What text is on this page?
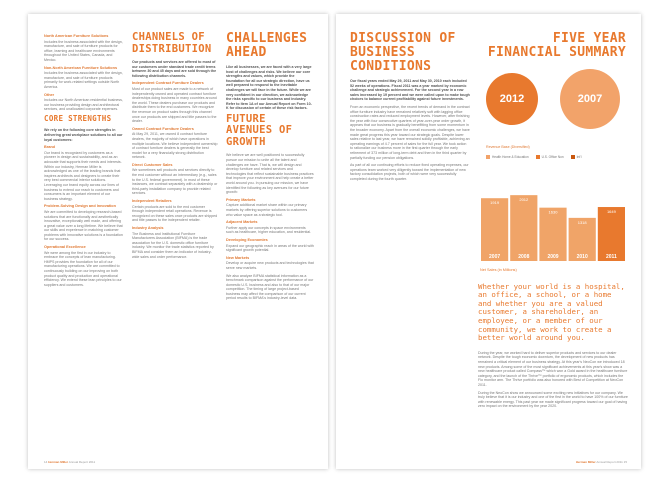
North American Furniture Solutions

Includes the business associated with the design, manufacture, and sale of furniture products for office, learning and healthcare environments throughout the United States, Canada, and Mexico.

Non-North American Furniture Solutions

Includes the business associated with the design, manufacture, and sale of furniture products primarily for work-related settings outside North America.

Other

Includes our North American residential business, our business providing design and architectural services, and unallocated corporate expenses.

CORE STRENGTHS

We rely on the following core strengths in delivering great workplace solutions to all our loyal customers:

Brand

Our brand is recognized by customers as a pioneer in design and sustainability, and as an advocate that supports their needs and interests. Within our industry, Herman Miller is acknowledged as one of the leading brands that inspires architects and designers to create their very best commercial interior solutions. Leveraging our brand equity across our lines of business to extend our reach to customers and consumers is an important element of our business strategy.

Problem-Solving Design and Innovation

We are committed to developing research-based solutions that are functionally and aesthetically innovative, exceptionally well made, and offering a great value over a long lifetime. We believe that our skills and experience in matching customer problems with innovative solutions is a foundation for our success.

Operational Excellence

We were among the first in our industry to embrace the concepts of lean manufacturing. HMPS provides the foundation for all of our manufacturing operations. We are committed to continuously building on our improving on both product quality and production and operational efficiency. We extend these lean principles to our suppliers and customers.

CHANNELS OF DISTRIBUTION

Our products and services are offered to most of our customers under standard trade credit terms between 30 and 45 days and are sold through the following distribution channels.

Independent Contract Furniture Dealers

Most of our product sales are made to a network of independently owned and operated contract furniture dealerships doing business in many countries around the world. These dealers purchase our products and distribute them to the end customers. We recognize the revenue on product sales through this channel once our products are shipped and title passes to the dealer.

Owned Contract Furniture Dealers

At May 29, 2011, we owned 8 contract furniture dealers, the majority of which have operations in multiple locations. We believe independent ownership of contract furniture dealers is generally the best model for a very financially strong distribution network.

Direct Customer Sales

We sometimes sell products and services directly to the end customer without an intermediary (e.g., sales to the U.S. federal government). In most of these instances, we contract separately with a dealership or third-party installation company to provide related services.

Independent Retailers

Certain products are sold to the end customer through independent retail operations. Revenue is recognized on these sales once products are shipped and title passes to the independent retailer.

Industry Analysis

The Business and Institutional Furniture Manufacturers Association (BIFMA) is the trade association for the U.S. domestic office furniture industry. We monitor the trade statistics reported by BIFMA and consider them an indicator of industry-wide sales and order performance.

CHALLENGES AHEAD

Like all businesses, we are faced with a very large host of challenges and risks. We believe our core strengths and values, which provide the foundation for all our strategic direction, have us well prepared to respond to the inevitable challenges we will face in the future. While we are very confident in our direction, we acknowledge the risks specific to our business and industry. Refer to Item 1A of our Annual Report on Form 10-K for discussion of certain of these risk factors.

FUTURE AVENUES OF GROWTH

We believe we are well positioned to successfully pursue our mission to unite all the talent and challenges we have. That is, we will design and develop furniture and related services and technologies that reflect sustainable business practices that improve your environment and help create a better world around you. In pursuing our mission, we have identified the following as key avenues for our future growth:

Primary Markets

Capture additional market share within our primary markets by offering superior solutions to customers who value space as a strategic tool.

Adjacent Markets

Further apply our concepts in space environments such as healthcare, higher education, and residential.

Developing Economies

Expand our geographic reach in areas of the world with significant growth potential.

New Markets

Develop or acquire new products and technologies that serve new markets.

We also analyze BIFMA statistical information as a benchmark comparison against the performance of our domestic U.S. business and also to that of our major competition. The timing of large project-based business may affect the comparison of our current period results to BIFMA's industry-level data.

14 Herman Miller Annual Report 2011
DISCUSSION OF BUSINESS CONDITIONS

Our fiscal years ended May 29, 2011 and May 30, 2010 each included 52 weeks of operations. Fiscal 2011 was a year marked by economic challenge and strategic achievement. For the second year in a row sales increased by 19 percent and we were called upon to make tough choices to balance current profitability against future investments.

From an economic perspective, the recent trends of demand in the contract office furniture industry have remained relatively soft with lagging office construction rates and reduced employment levels. However, after finishing the year with four consecutive quarters of year-over-year order growth, it appears that our business is gradually benefitting from some momentum in the broader economy. Apart from the overall economic challenges, we have made great progress this year toward our strategic goals. Despite lower sales relative to last year, we have remained solidly profitable, achieving an operating earnings of 4.7 percent of sales for the full year. We took action to rationalize our business more in the first quarter through the early retirement of 373 million of long-term debt and then in the third quarter by partially funding our pension obligations.

As part of all our continuing efforts to reduce fixed operating expenses, our operations team worked very diligently toward the implementation of new factory consolidation projects, both of which were very successfully completed during the fourth quarter.

FIVE YEAR FINANCIAL SUMMARY
2012	2007
Revenue Base (Diversified)
Health Home & Education	U.S. Office Non	Int'l
1919
2007
2012
2008
1630
2009
1318
2010
1649
2011
Net Sales (in Millions)
Whether your world is a hospital, an office, a school, or a home and whether you are a valued customer, a shareholder, an employee, or a member of our community, we work to create a better world around you.

During the year, we worked hard to deliver superior products and services to our dealer network. Despite the tough economic downturn, the development of new products has remained a critical element of our business strategy. At this year's NeoCon we introduced 18 new products. Among some of the most significant achievements at this year's show was a new healthcare product called Compass™ which won a Gold award in the healthcare furniture category, and the launch of the Thrive™ portfolio of ergonomic products, which includes the Flo monitor arm. The Thrive portfolio was also honored with Best of Competition at NeoCon 2011.

During the NeoCon show we announced some exciting new initiatives for our company. We truly believe that it is our industry and one of the first in the world to have 100% of our furniture with renewable energy. This past year we made significant progress toward our goal of having zero impact on the environment by the year 2020.

Herman Miller Annual Report 2011 15
